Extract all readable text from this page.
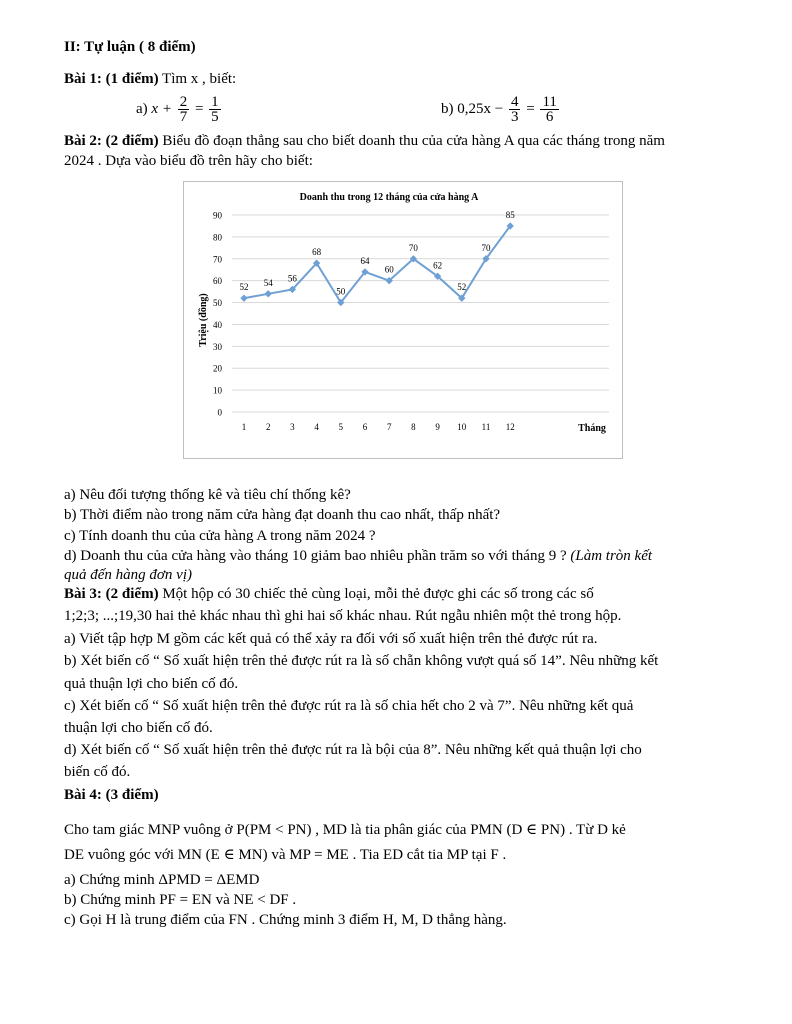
II: Tự luận ( 8 điểm)
Bài 1: (1 điểm) Tìm x , biết:
a) $x + \frac{2}{7} = \frac{1}{5}$	b) $0,25x - \frac{4}{3} = \frac{11}{6}$
Bài 2: (2 điểm) Biểu đồ đoạn thẳng sau cho biết doanh thu của cửa hàng A qua các tháng trong năm
2024 . Dựa vào biểu đồ trên hãy cho biết:
Doanh thu trong 12 tháng của cửa hàng A
0
10
20
30
40
50
60
70
80
90
1 2 3 4 5 6 7 8 9 10 11 12	Tháng
Triệu (đồng)
52 54 56
68
50
64
60
70
62
52
70
85
a) Nêu đối tượng thống kê và tiêu chí thống kê?
b) Thời điểm nào trong năm cửa hàng đạt doanh thu cao nhất, thấp nhất?
c) Tính doanh thu của cửa hàng A trong năm 2024 ?
d) Doanh thu của cửa hàng vào tháng 10 giảm bao nhiêu phần trăm so với tháng 9 ? (Làm tròn kết
quả đến hàng đơn vị)
Bài 3: (2 điểm) Một hộp có 30 chiếc thẻ cùng loại, mỗi thẻ được ghi các số trong các số
1;2;3; ...;19,30 hai thẻ khác nhau thì ghi hai số khác nhau. Rút ngẫu nhiên một thẻ trong hộp.
a) Viết tập hợp M gồm các kết quả có thể xảy ra đối với số xuất hiện trên thẻ được rút ra.
b) Xét biến cố “ Số xuất hiện trên thẻ được rút ra là số chẵn không vượt quá số 14”. Nêu những kết
quả thuận lợi cho biến cố đó.
c) Xét biến cố “ Số xuất hiện trên thẻ được rút ra là số chia hết cho 2 và 7”. Nêu những kết quả
thuận lợi cho biến cố đó.
d) Xét biến cố “ Số xuất hiện trên thẻ được rút ra là bội của 8”. Nêu những kết quả thuận lợi cho
biến cố đó.
Bài 4: (3 điểm)
Cho tam giác MNP vuông ở P(PM < PN) , MD là tia phân giác của PMN (D ∈ PN) . Từ D kẻ
DE vuông góc với MN (E ∈ MN) và MP = ME . Tia ED cắt tia MP tại F .
a) Chứng minh ΔPMD = ΔEMD
b) Chứng minh PF = EN và NE < DF .
c) Gọi H là trung điểm của FN . Chứng minh 3 điểm H, M, D thẳng hàng.
